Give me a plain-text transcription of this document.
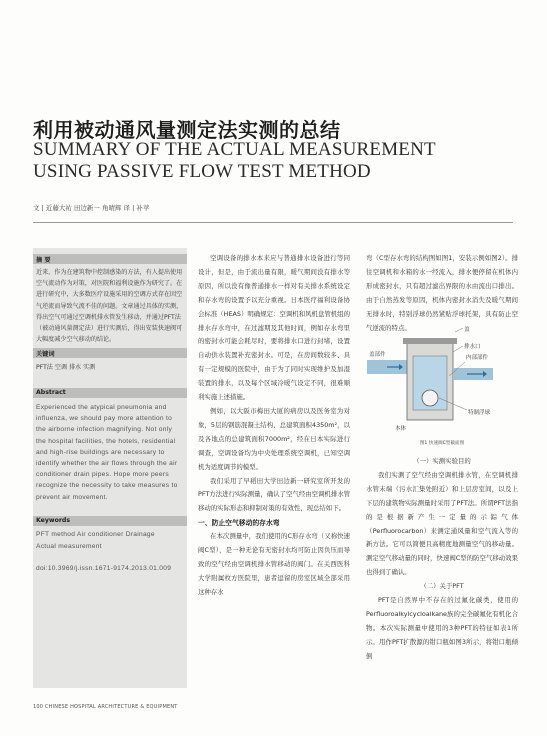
利用被动通风量测定法实测的总结
SUMMARY OF THE ACTUAL MEASUREMENT
USING PASSIVE FLOW TEST METHOD
文 | 近藤大祐 田边新一 角晴辉 译 | 补苹
摘 要
近来，作为在建筑物中控制感染的方法，有人提出使用空气流动作为对策，对医院和福利设施作为研究了。在进行研究中，大多数医疗设施采用的空调方式存在因空气逆流而导致气流不佳的问题。文章通过具体的实测，得出空气可通过空调机排水管发生移动，并通过PFT法（被动通风量测定法）进行实测后，得出安装快速阀可大幅度减少空气移动的结论。
关键词
PFT法 空调 排水 实测
Abstract
Experienced the atypical pneumonia and influenza, we should pay more attention to the airborne infection magnifying. Not only the hospital facilities, the hotels, residential and high-rise buildings are necessary to identify whether the air flows through the air conditioner drain pipes. Hope more peers recognize the necessity to take measures to prevent air movement.
Keywords
PFT method Air conditioner Drainage
Actual measurement
doi:10.3969/j.issn.1671-9174.2013.01.009

空调设备的排水本来应与普通排水设备进行等同设计，但是，由于流出量有限，暖气期间没有排水等原因，所以没有像普通排水一样对有关排水系统设定和存水弯的设置予以充分重视。日本医疗福利设备协会标准（HEAS）明确规定：空调机和风机盘管机组的排水存水弯中，在过滤期及其他时间，例如存水弯里的密封水可能会耗尽时，要将排水口进行封堵，设置自动供水装置补充密封水。可是，在房间数较多、具有一定规模的医院中，由于为了同时实现维护及加湿装置的排水，以及每个区域冷暖气设定不同，很难顺利实施上述措施。

例如，以大阪市梅田大厦的病房以及医务室为对象，5层的钢筋混凝土结构、总建筑面积4350m²，以及各地点的总建筑面积7000m²，经在日本实际进行调查，空调设备均为中央处理系统空调机，已知空调机为适度调节的模型。

我们采用了早稻田大学田边新一研究室所开发的PFT方法进行实际测量，确认了空气经由空调机排水管移动的实际形态和抑制对策的有效性，现总结如下。

一、防止空气移动的存水弯

在本次测量中，我们使用的C形存水弯（又称快速阀C型），是一种无论有无密封水均可防止因负压而导致的空气经由空调机排水管移动的阀门。在关西医科大学附属枚方医院里，患者逗留的房室区域全部采用这种存水

弯（C型存水弯的结构图如图1，安装示例如图2）。排往空调机和水箱的水一经流入，排水便停留在机体内形成密封水，只有超过滤出界限的水由流出口排出。由于自然蒸发等原因，机体内密封水消失及暖气期间无排水时，特别浮球仍然紧贴浮球托架，具有防止空气逆流的特点。	盖
排水口
内部部件
盖部件
流出口
本体
特制浮球
图1 快速阀C型截面图

（一）实测实验目的

我们实测了空气经由空调机排水管，在空调机排水管末端（污水汇集处附近）和上层房室间，以及上下层的建筑物实际测量时采用了PFT法。所谓PFT法指的是根据新产生一定量的示踪气体（Perfluorocarbon）来测定通风量和空气流入等的新方法。它可以简便且高精度地测量空气的移动量。测定空气移动量的同时，快速阀C型的防空气移动效果也得到了确认。

（二）关于PFT

PFT是自然界中不存在的过氟化碳类，使用的Perfluoroalkylcycloalkane族的完全碳氟化有机化合物。本次实际测量中使用的3种PFT的特征如表1所示。用作PFT扩散源的钳口瓶如图3所示，将钳口瓶倾倒

100 CHINESE HOSPITAL ARCHITECTURE & EQUIPMENT
